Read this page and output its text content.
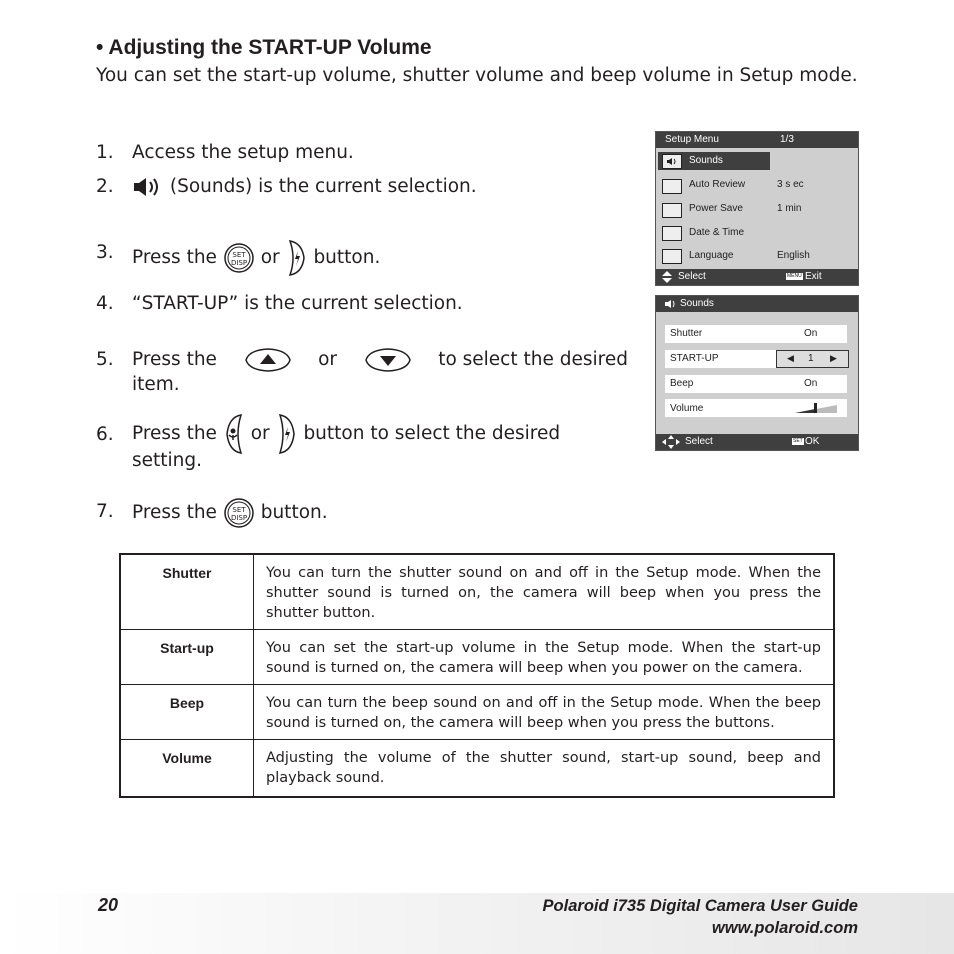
• Adjusting the START-UP Volume
You can set the start-up volume, shutter volume and beep volume in Setup mode.
1. Access the setup menu.
2.	(Sounds) is the current selection.
3. Press the SET
DISP or button.
4. “START-UP” is the current selection.
5. Press the	or	to select the desired
item.
6. Press the or button to select the desired
setting.
7. Press the SET
DISP button.
Setup Menu	1/3
Sounds
Auto Review	3 s ec
Power Save	1 min
Date & Time
Language	English
Select	MENU Exit
Sounds
Shutter	On
START-UP	◀ 1 ▶
Beep	On
Volume
Select	SET OK
Shutter	You can turn the shutter sound on and off in the Setup mode. When the shutter sound is turned on, the camera will beep when you press the shutter button.
Start-up	You can set the start-up volume in the Setup mode. When the start-up sound is turned on, the camera will beep when you power on the camera.
Beep	You can turn the beep sound on and off in the Setup mode. When the beep sound is turned on, the camera will beep when you press the buttons.
Volume	Adjusting the volume of the shutter sound, start-up sound, beep and playback sound.
20	Polaroid i735 Digital Camera User Guide
www.polaroid.com
